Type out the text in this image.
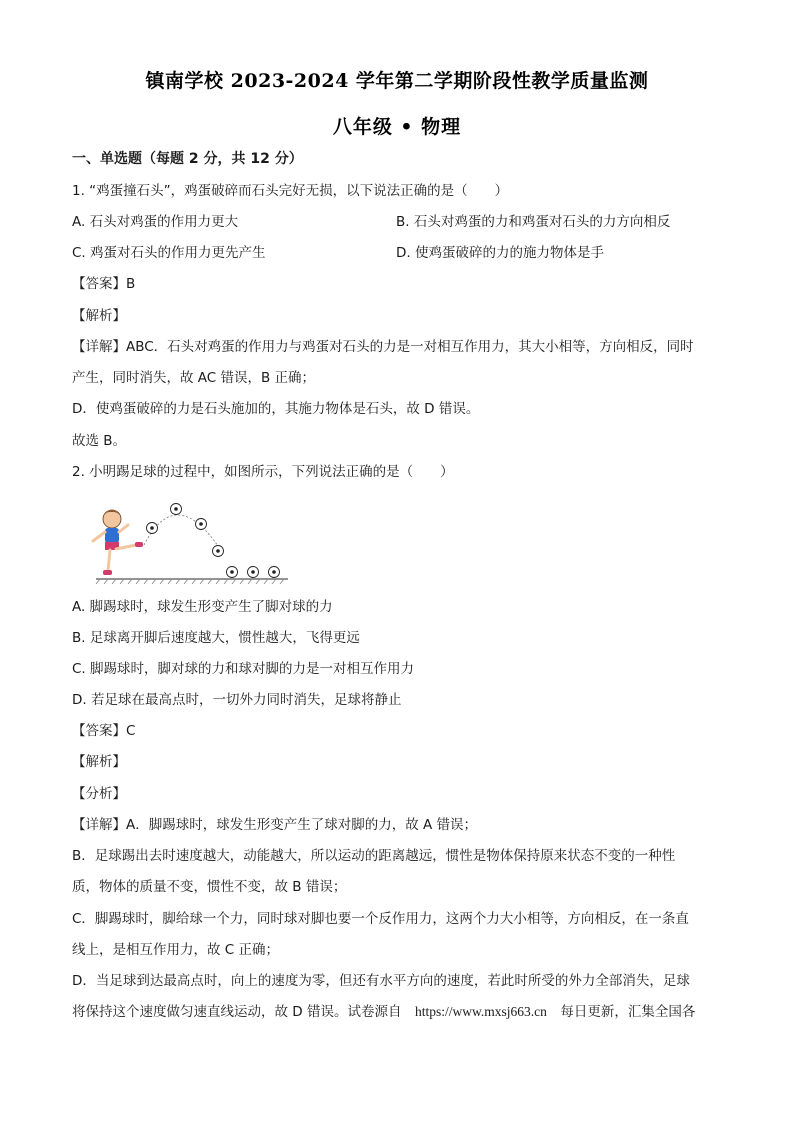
镇南学校 2023-2024 学年第二学期阶段性教学质量监测
八年级 • 物理
一、单选题（每题 2 分，共 12 分）
1. “鸡蛋撞石头”，鸡蛋破碎而石头完好无损，以下说法正确的是（　　）
A. 石头对鸡蛋的作用力更大	B. 石头对鸡蛋的力和鸡蛋对石头的力方向相反
C. 鸡蛋对石头的作用力更先产生	D. 使鸡蛋破碎的力的施力物体是手
【答案】B
【解析】
【详解】ABC．石头对鸡蛋的作用力与鸡蛋对石头的力是一对相互作用力，其大小相等，方向相反，同时
产生，同时消失，故 AC 错误，B 正确；
D．使鸡蛋破碎的力是石头施加的，其施力物体是石头，故 D 错误。
故选 B。
2. 小明踢足球的过程中，如图所示，下列说法正确的是（　　）
A. 脚踢球时，球发生形变产生了脚对球的力
B. 足球离开脚后速度越大，惯性越大，飞得更远
C. 脚踢球时，脚对球的力和球对脚的力是一对相互作用力
D. 若足球在最高点时，一切外力同时消失，足球将静止
【答案】C
【解析】
【分析】
【详解】A．脚踢球时，球发生形变产生了球对脚的力，故 A 错误；
B．足球踢出去时速度越大，动能越大，所以运动的距离越远，惯性是物体保持原来状态不变的一种性
质，物体的质量不变，惯性不变，故 B 错误；
C．脚踢球时，脚给球一个力，同时球对脚也要一个反作用力，这两个力大小相等，方向相反，在一条直
线上，是相互作用力，故 C 正确；
D．当足球到达最高点时，向上的速度为零，但还有水平方向的速度，若此时所受的外力全部消失，足球
将保持这个速度做匀速直线运动，故 D 错误。试卷源自　https://www.mxsj663.cn　每日更新，汇集全国各
